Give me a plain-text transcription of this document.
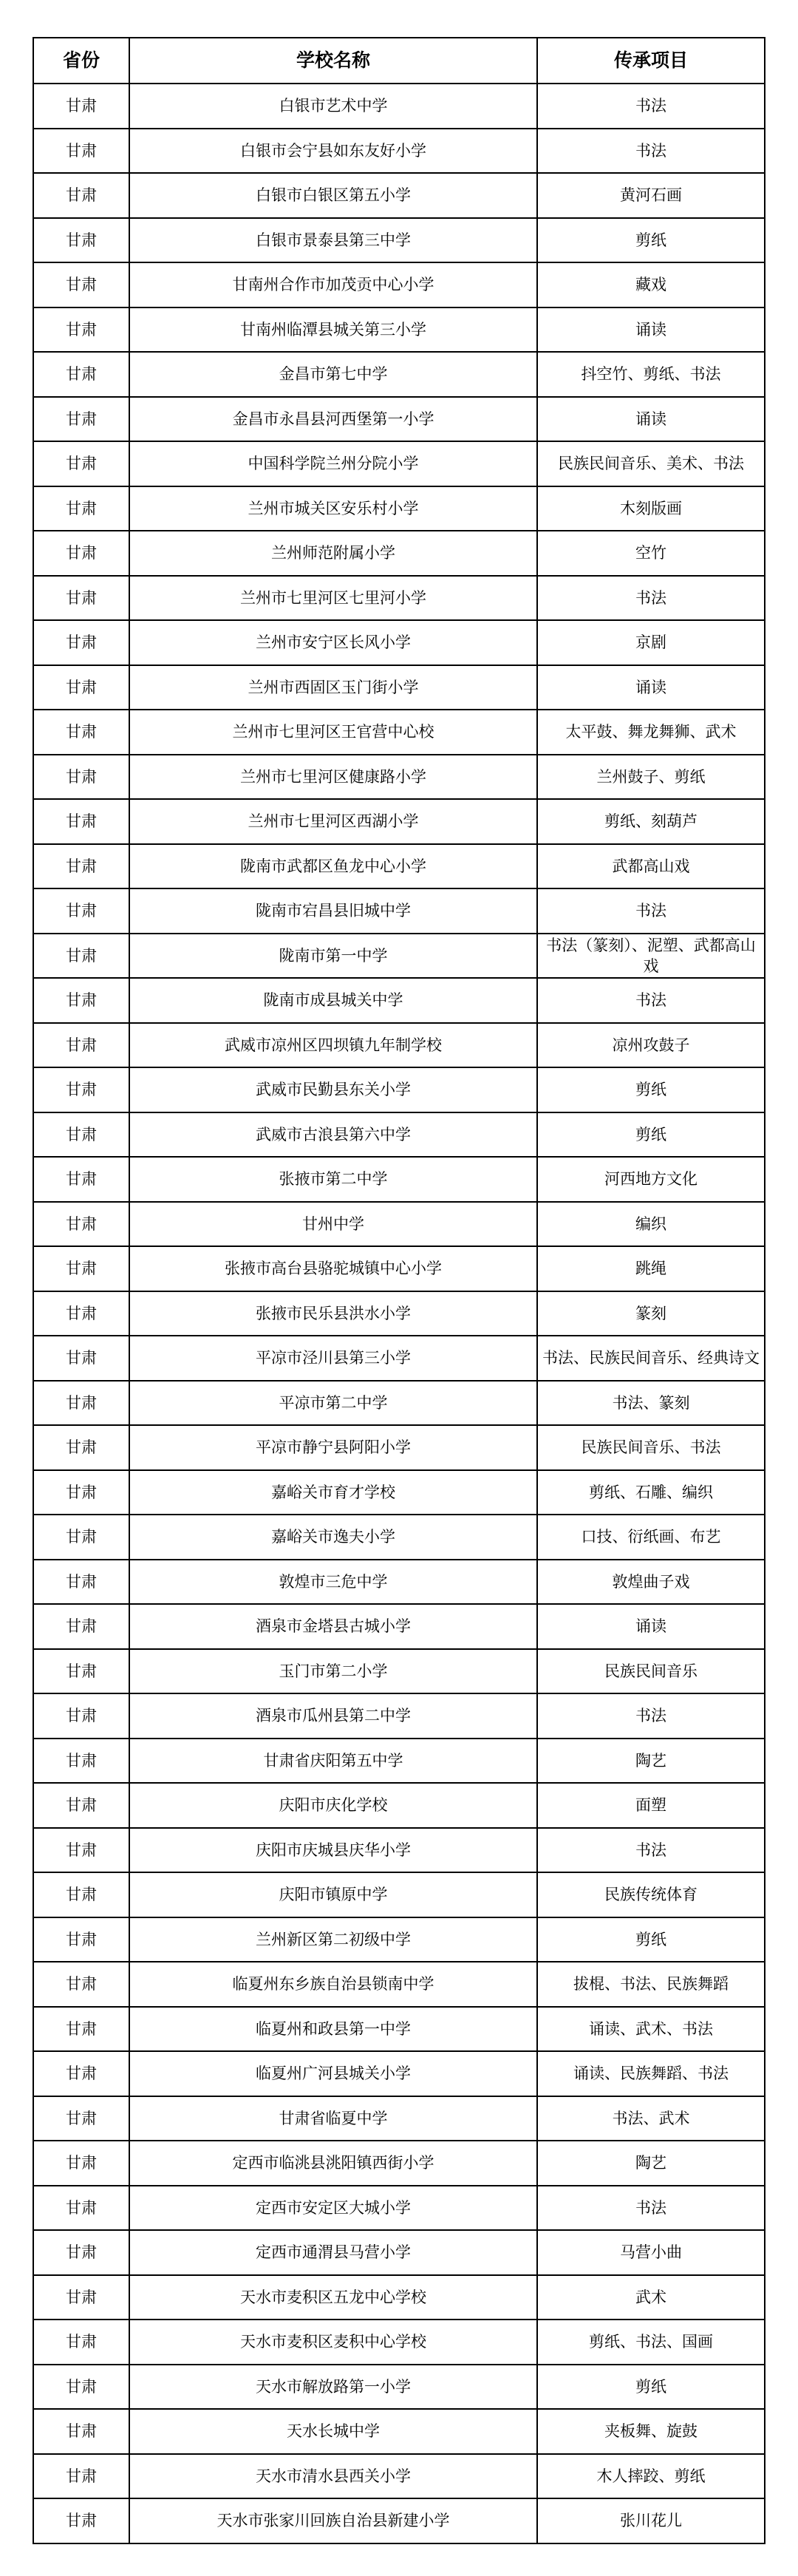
省份	学校名称	传承项目
甘肃	白银市艺术中学	书法
甘肃	白银市会宁县如东友好小学	书法
甘肃	白银市白银区第五小学	黄河石画
甘肃	白银市景泰县第三中学	剪纸
甘肃	甘南州合作市加茂贡中心小学	藏戏
甘肃	甘南州临潭县城关第三小学	诵读
甘肃	金昌市第七中学	抖空竹、剪纸、书法
甘肃	金昌市永昌县河西堡第一小学	诵读
甘肃	中国科学院兰州分院小学	民族民间音乐、美术、书法
甘肃	兰州市城关区安乐村小学	木刻版画
甘肃	兰州师范附属小学	空竹
甘肃	兰州市七里河区七里河小学	书法
甘肃	兰州市安宁区长风小学	京剧
甘肃	兰州市西固区玉门街小学	诵读
甘肃	兰州市七里河区王官营中心校	太平鼓、舞龙舞狮、武术
甘肃	兰州市七里河区健康路小学	兰州鼓子、剪纸
甘肃	兰州市七里河区西湖小学	剪纸、刻葫芦
甘肃	陇南市武都区鱼龙中心小学	武都高山戏
甘肃	陇南市宕昌县旧城中学	书法
甘肃	陇南市第一中学	书法（篆刻）、泥塑、武都高山戏
甘肃	陇南市成县城关中学	书法
甘肃	武威市凉州区四坝镇九年制学校	凉州攻鼓子
甘肃	武威市民勤县东关小学	剪纸
甘肃	武威市古浪县第六中学	剪纸
甘肃	张掖市第二中学	河西地方文化
甘肃	甘州中学	编织
甘肃	张掖市高台县骆驼城镇中心小学	跳绳
甘肃	张掖市民乐县洪水小学	篆刻
甘肃	平凉市泾川县第三小学	书法、民族民间音乐、经典诗文
甘肃	平凉市第二中学	书法、篆刻
甘肃	平凉市静宁县阿阳小学	民族民间音乐、书法
甘肃	嘉峪关市育才学校	剪纸、石雕、编织
甘肃	嘉峪关市逸夫小学	口技、衍纸画、布艺
甘肃	敦煌市三危中学	敦煌曲子戏
甘肃	酒泉市金塔县古城小学	诵读
甘肃	玉门市第二小学	民族民间音乐
甘肃	酒泉市瓜州县第二中学	书法
甘肃	甘肃省庆阳第五中学	陶艺
甘肃	庆阳市庆化学校	面塑
甘肃	庆阳市庆城县庆华小学	书法
甘肃	庆阳市镇原中学	民族传统体育
甘肃	兰州新区第二初级中学	剪纸
甘肃	临夏州东乡族自治县锁南中学	拔棍、书法、民族舞蹈
甘肃	临夏州和政县第一中学	诵读、武术、书法
甘肃	临夏州广河县城关小学	诵读、民族舞蹈、书法
甘肃	甘肃省临夏中学	书法、武术
甘肃	定西市临洮县洮阳镇西街小学	陶艺
甘肃	定西市安定区大城小学	书法
甘肃	定西市通渭县马营小学	马营小曲
甘肃	天水市麦积区五龙中心学校	武术
甘肃	天水市麦积区麦积中心学校	剪纸、书法、国画
甘肃	天水市解放路第一小学	剪纸
甘肃	天水长城中学	夹板舞、旋鼓
甘肃	天水市清水县西关小学	木人摔跤、剪纸
甘肃	天水市张家川回族自治县新建小学	张川花儿
